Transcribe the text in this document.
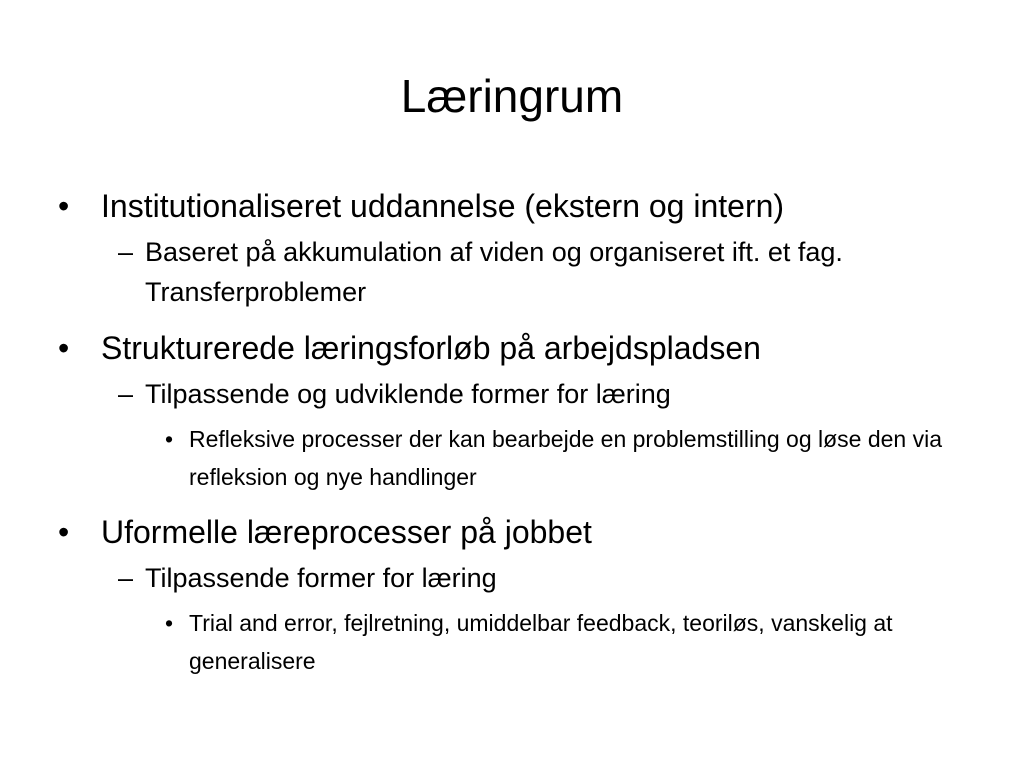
Læringrum
• Institutionaliseret uddannelse (ekstern og intern)
– Baseret på akkumulation af viden og organiseret ift. et fag. Transferproblemer
• Strukturerede læringsforløb på arbejdspladsen
– Tilpassende og udviklende former for læring
• Refleksive processer der kan bearbejde en problemstilling og løse den via refleksion og nye handlinger
• Uformelle læreprocesser på jobbet
– Tilpassende former for læring
• Trial and error, fejlretning, umiddelbar feedback, teoriløs, vanskelig at generalisere
